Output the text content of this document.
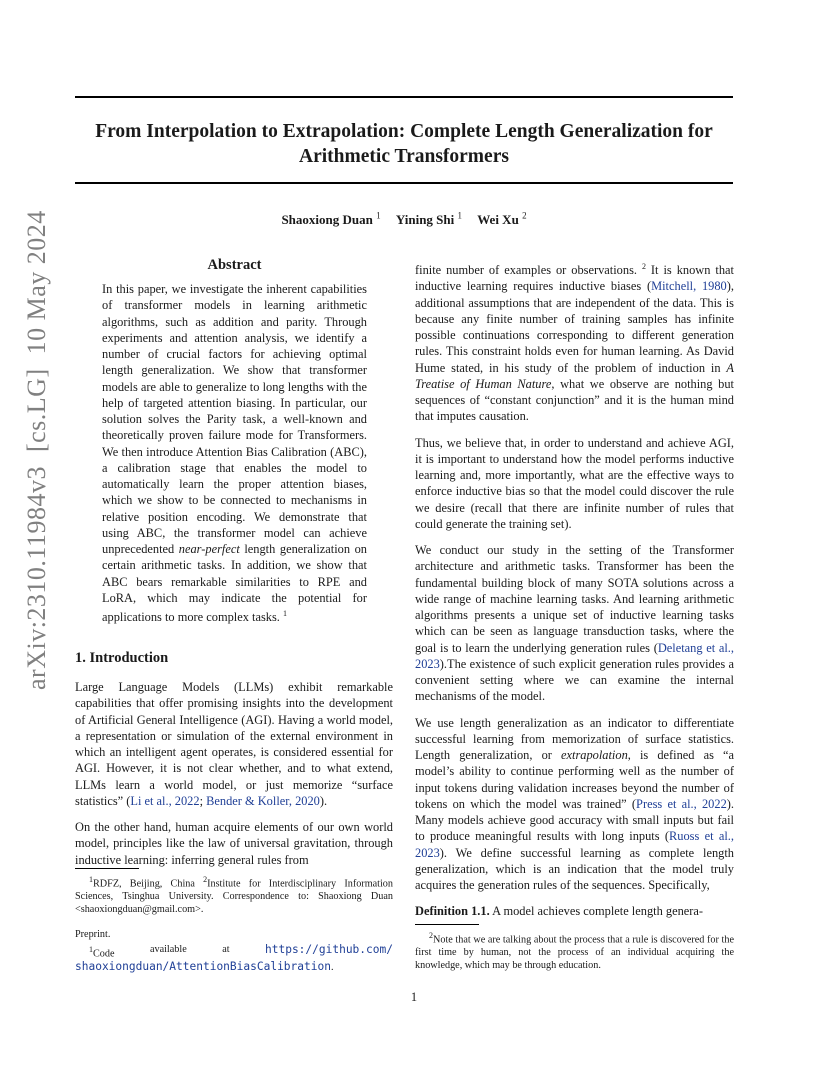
From Interpolation to Extrapolation: Complete Length Generalization for Arithmetic Transformers

Shaoxiong Duan $^1$ Yining Shi $^1$ Wei Xu $^2$

arXiv:2310.11984v3[cs.LG]10 May 2024	Abstract

In this paper, we investigate the inherent capabilities of transformer models in learning arithmetic algorithms, such as addition and parity. Through experiments and attention analysis, we identify a number of crucial factors for achieving optimal length generalization. We show that transformer models are able to generalize to long lengths with the help of targeted attention biasing. In particular, our solution solves the Parity task, a well-known and theoretically proven failure mode for Transformers. We then introduce Attention Bias Calibration (ABC), a calibration stage that enables the model to automatically learn the proper attention biases, which we show to be connected to mechanisms in relative position encoding. We demonstrate that using ABC, the transformer model can achieve unprecedented near-perfect length generalization on certain arithmetic tasks. In addition, we show that ABC bears remarkable similarities to RPE and LoRA, which may indicate the potential for applications to more complex tasks. $^1$

1. Introduction

Large Language Models (LLMs) exhibit remarkable capabilities that offer promising insights into the development of Artificial General Intelligence (AGI). Having a world model, a representation or simulation of the external environment in which an intelligent agent operates, is considered essential for AGI. However, it is not clear whether, and to what extend, LLMs learn a world model, or just memorize “surface statistics” (Li et al., 2022; Bender & Koller, 2020).

On the other hand, human acquire elements of our own world model, principles like the law of universal gravitation, through inductive learning: inferring general rules from

finite number of examples or observations. $^2$ It is known that inductive learning requires inductive biases (Mitchell, 1980), additional assumptions that are independent of the data. This is because any finite number of training samples has infinite possible continuations corresponding to different generation rules. This constraint holds even for human learning. As David Hume stated, in his study of the problem of induction in A Treatise of Human Nature, what we observe are nothing but sequences of “constant conjunction” and it is the human mind that imputes causation.

Thus, we believe that, in order to understand and achieve AGI, it is important to understand how the model performs inductive learning and, more importantly, what are the effective ways to enforce inductive bias so that the model could discover the rule we desire (recall that there are infinite number of rules that could generate the training set).

We conduct our study in the setting of the Transformer architecture and arithmetic tasks. Transformer has been the fundamental building block of many SOTA solutions across a wide range of machine learning tasks. And learning arithmetic algorithms presents a unique set of inductive learning tasks which can be seen as language transduction tasks, where the goal is to learn the underlying generation rules (Deletang et al., 2023).The existence of such explicit generation rules provides a convenient setting where we can examine the internal mechanisms of the model.

We use length generalization as an indicator to differentiate successful learning from memorization of surface statistics. Length generalization, or extrapolation, is defined as “a model’s ability to continue performing well as the number of input tokens during validation increases beyond the number of tokens on which the model was trained” (Press et al., 2022). Many models achieve good accuracy with small inputs but fail to produce meaningful results with long inputs (Ruoss et al., 2023). We define successful learning as complete length generalization, which is an indication that the model truly acquires the generation rules of the sequences. Specifically,

Definition 1.1. A model achieves complete length genera-

$^1$RDFZ, Beijing, China $^2$Institute for Interdisciplinary Information Sciences, Tsinghua University. Correspondence to: Shaoxiong Duan <shaoxiongduan@gmail.com>.

Preprint.

$^1$Code	available	at	https://github.com/

shaoxiongduan/AttentionBiasCalibration.

$^2$Note that we are talking about the process that a rule is discovered for the first time by human, not the process of an individual acquiring the knowledge, which may be through education.

1
